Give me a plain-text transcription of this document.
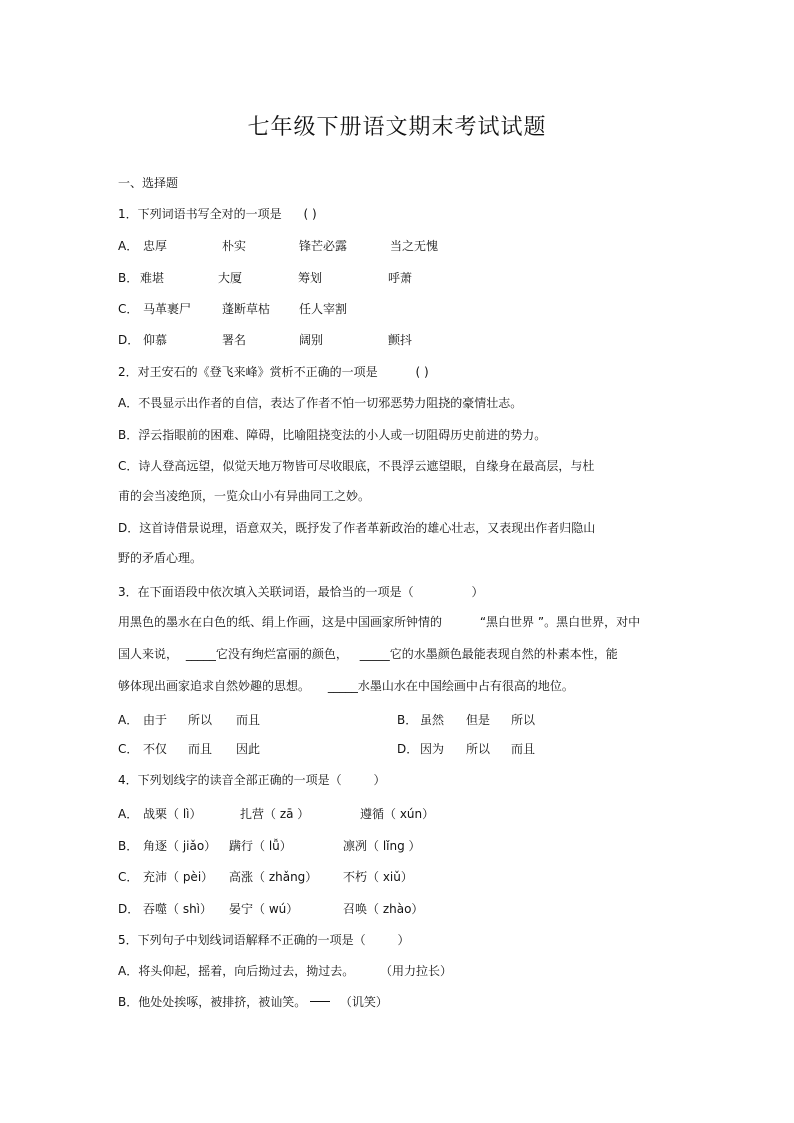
七年级下册语文期末考试试题
一、选择题
1．下列词语书写全对的一项是 ( )
A． 忠厚	朴实	锋芒必露	当之无愧
B． 难堪	大厦	筹划	呼萧
C． 马革裹尸	蓬断草枯 任人宰割
D． 仰慕	署名	阔别	颤抖
2．对王安石的《登飞来峰》赏析不正确的一项是	( )
A．不畏显示出作者的自信，表达了作者不怕一切邪恶势力阻挠的豪情壮志。
B．浮云指眼前的困难、障碍，比喻阻挠变法的小人或一切阻碍历史前进的势力。
C．诗人登高远望，似觉天地万物皆可尽收眼底，不畏浮云遮望眼，自缘身在最高层，与杜
甫的会当凌绝顶，一览众山小有异曲同工之妙。
D．这首诗借景说理，语意双关，既抒发了作者革新政治的雄心壮志，又表现出作者归隐山
野的矛盾心理。
3．在下面语段中依次填入关联词语，最恰当的一项是（	）
用黑色的墨水在白色的纸、绢上作画，这是中国画家所钟情的	“黑白世界 ”。黑白世界，对中
国人来说， _____它没有绚烂富丽的颜色， _____它的水墨颜色最能表现自然的朴素本性，能
够体现出画家追求自然妙趣的思想。 _____水墨山水在中国绘画中占有很高的地位。
A． 由于 所以 而且	B． 虽然 但是 所以
C． 不仅 而且 因此	D． 因为 所以 而且
4．下列划线字的读音全部正确的一项是（	）
A． 战栗（ lì）	扎营（ zā ）	遵循（ xún）
B． 角逐（ jiǎo） 蹒行（ lǚ）	凛冽（ lǐng ）
C． 充沛（ pèi） 高涨（ zhǎng） 不朽（ xiǔ）
D． 吞噬（ shì） 晏宁（ wú）	召唤（ zhào）
5．下列句子中划线词语解释不正确的一项是（	）
A．将头仰起，摇着，向后拗过去，拗过去。 （用力拉长）
B．他处处挨啄，被排挤，被讪笑。	（讥笑）
